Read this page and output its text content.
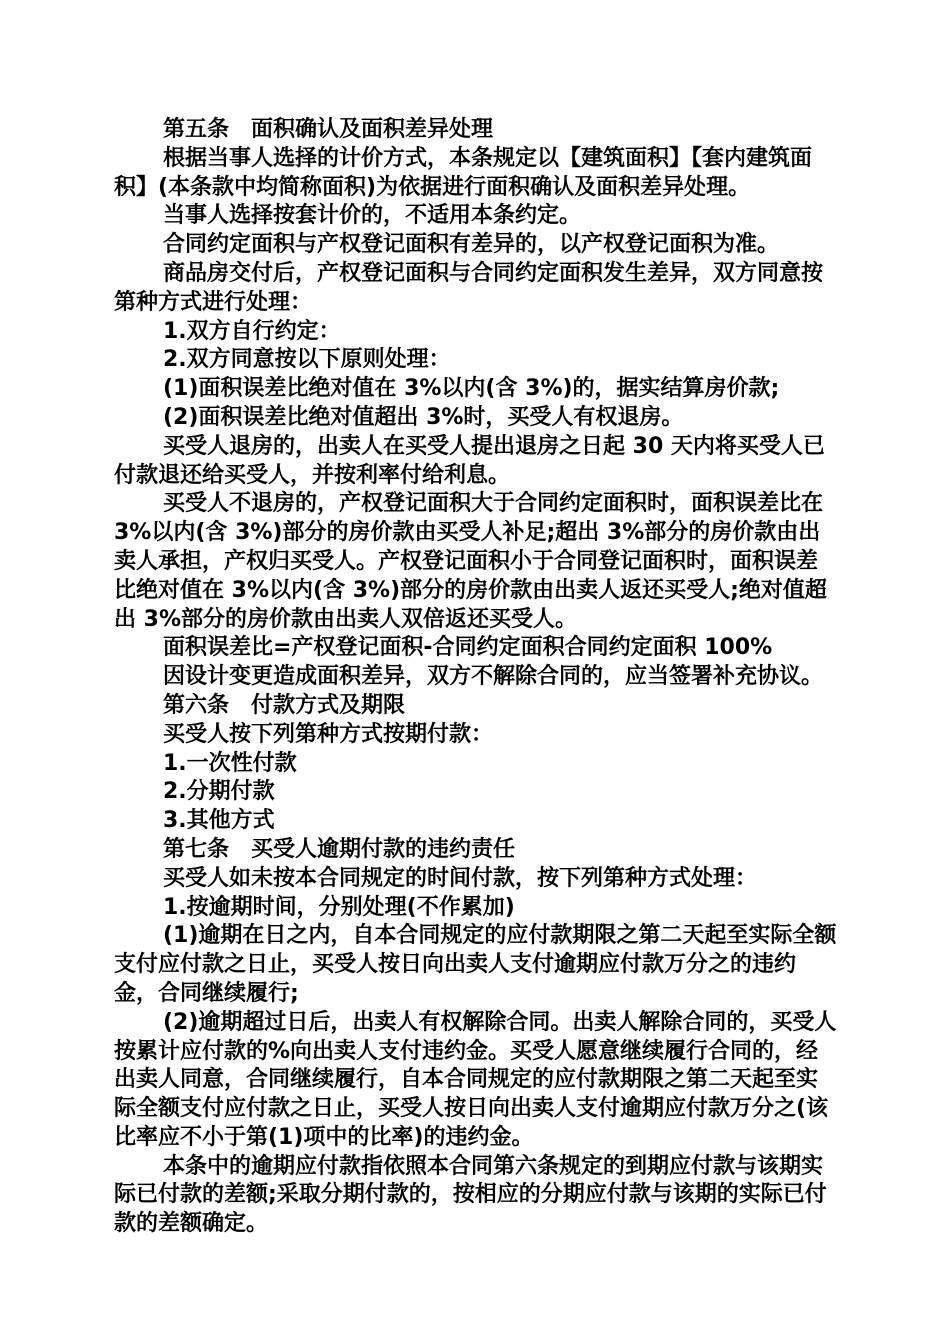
第五条　面积确认及面积差异处理

根据当事人选择的计价方式，本条规定以【建筑面积】【套内建筑面积】(本条款中均简称面积)为依据进行面积确认及面积差异处理。

当事人选择按套计价的，不适用本条约定。

合同约定面积与产权登记面积有差异的，以产权登记面积为准。

商品房交付后，产权登记面积与合同约定面积发生差异，双方同意按第种方式进行处理：

1.双方自行约定：

2.双方同意按以下原则处理：

(1)面积误差比绝对值在 3%以内(含 3%)的，据实结算房价款;

(2)面积误差比绝对值超出 3%时，买受人有权退房。

买受人退房的，出卖人在买受人提出退房之日起 30 天内将买受人已付款退还给买受人，并按利率付给利息。

买受人不退房的，产权登记面积大于合同约定面积时，面积误差比在 3%以内(含 3%)部分的房价款由买受人补足;超出 3%部分的房价款由出卖人承担，产权归买受人。产权登记面积小于合同登记面积时，面积误差比绝对值在 3%以内(含 3%)部分的房价款由出卖人返还买受人;绝对值超出 3%部分的房价款由出卖人双倍返还买受人。

面积误差比=产权登记面积-合同约定面积合同约定面积 100%

因设计变更造成面积差异，双方不解除合同的，应当签署补充协议。

第六条　付款方式及期限

买受人按下列第种方式按期付款：

1.一次性付款

2.分期付款

3.其他方式

第七条　买受人逾期付款的违约责任

买受人如未按本合同规定的时间付款，按下列第种方式处理：

1.按逾期时间，分别处理(不作累加)

(1)逾期在日之内，自本合同规定的应付款期限之第二天起至实际全额支付应付款之日止，买受人按日向出卖人支付逾期应付款万分之的违约金，合同继续履行;

(2)逾期超过日后，出卖人有权解除合同。出卖人解除合同的，买受人按累计应付款的%向出卖人支付违约金。买受人愿意继续履行合同的，经出卖人同意，合同继续履行，自本合同规定的应付款期限之第二天起至实际全额支付应付款之日止，买受人按日向出卖人支付逾期应付款万分之(该比率应不小于第(1)项中的比率)的违约金。

本条中的逾期应付款指依照本合同第六条规定的到期应付款与该期实际已付款的差额;采取分期付款的，按相应的分期应付款与该期的实际已付款的差额确定。
